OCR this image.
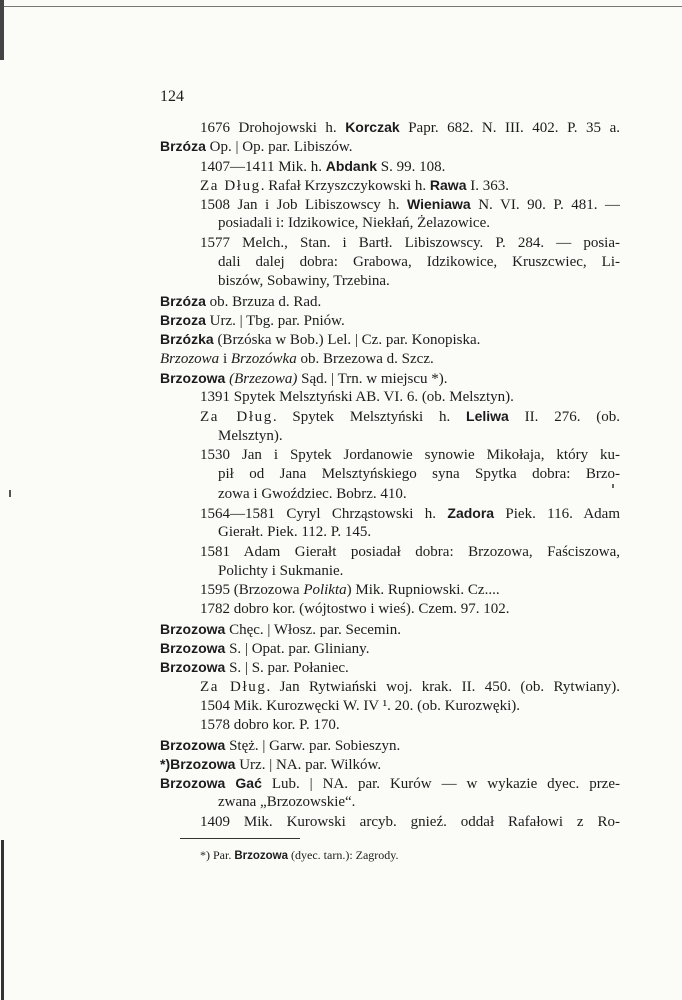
124
1676 Drohojowski h. Korczak Papr. 682. N. III. 402. P. 35 a.
Brzóza Op. | Op. par. Libiszów.
1407—1411 Mik. h. Abdank S. 99. 108.
Za Dług. Rafał Krzyszczykowski h. Rawa I. 363.
1508 Jan i Job Libiszowscy h. Wieniawa N. VI. 90. P. 481. —
posiadali i: Idzikowice, Niekłań, Żelazowice.
1577 Melch., Stan. i Bartł. Libiszowscy. P. 284. — posia-
dali dalej dobra: Grabowa, Idzikowice, Kruszcwiec, Li-
biszów, Sobawiny, Trzebina.
Brzóza ob. Brzuza d. Rad.
Brzoza Urz. | Tbg. par. Pniów.
Brzózka (Brzóska w Bob.) Lel. | Cz. par. Konopiska.
Brzozowa i Brzozówka ob. Brzezowa d. Szcz.
Brzozowa (Brzezowa) Sąd. | Trn. w miejscu *).
1391 Spytek Melsztyński AB. VI. 6. (ob. Melsztyn).
Za Dług. Spytek Melsztyński h. Leliwa II. 276. (ob.
Melsztyn).
1530 Jan i Spytek Jordanowie synowie Mikołaja, który ku-
pił od Jana Melsztyńskiego syna Spytka dobra: Brzo-
zowa i Gwoździec. Bobrz. 410.
1564—1581 Cyryl Chrząstowski h. Zadora Piek. 116. Adam
Gierałt. Piek. 112. P. 145.
1581 Adam Gierałt posiadał dobra: Brzozowa, Faściszowa,
Polichty i Sukmanie.
1595 (Brzozowa Polikta) Mik. Rupniowski. Cz....
1782 dobro kor. (wójtostwo i wieś). Czem. 97. 102.
Brzozowa Chęc. | Włosz. par. Secemin.
Brzozowa S. | Opat. par. Gliniany.
Brzozowa S. | S. par. Połaniec.
Za Dług. Jan Rytwiański woj. krak. II. 450. (ob. Rytwiany).
1504 Mik. Kurozwęcki W. IV ¹. 20. (ob. Kurozwęki).
1578 dobro kor. P. 170.
Brzozowa Stęż. | Garw. par. Sobieszyn.
*)Brzozowa Urz. | NA. par. Wilków.
Brzozowa Gać Lub. | NA. par. Kurów — w wykazie dyec. prze-
zwana „Brzozowskie“.
1409 Mik. Kurowski arcyb. gnieź. oddał Rafałowi z Ro-
*) Par. Brzozowa (dyec. tarn.): Zagrody.
